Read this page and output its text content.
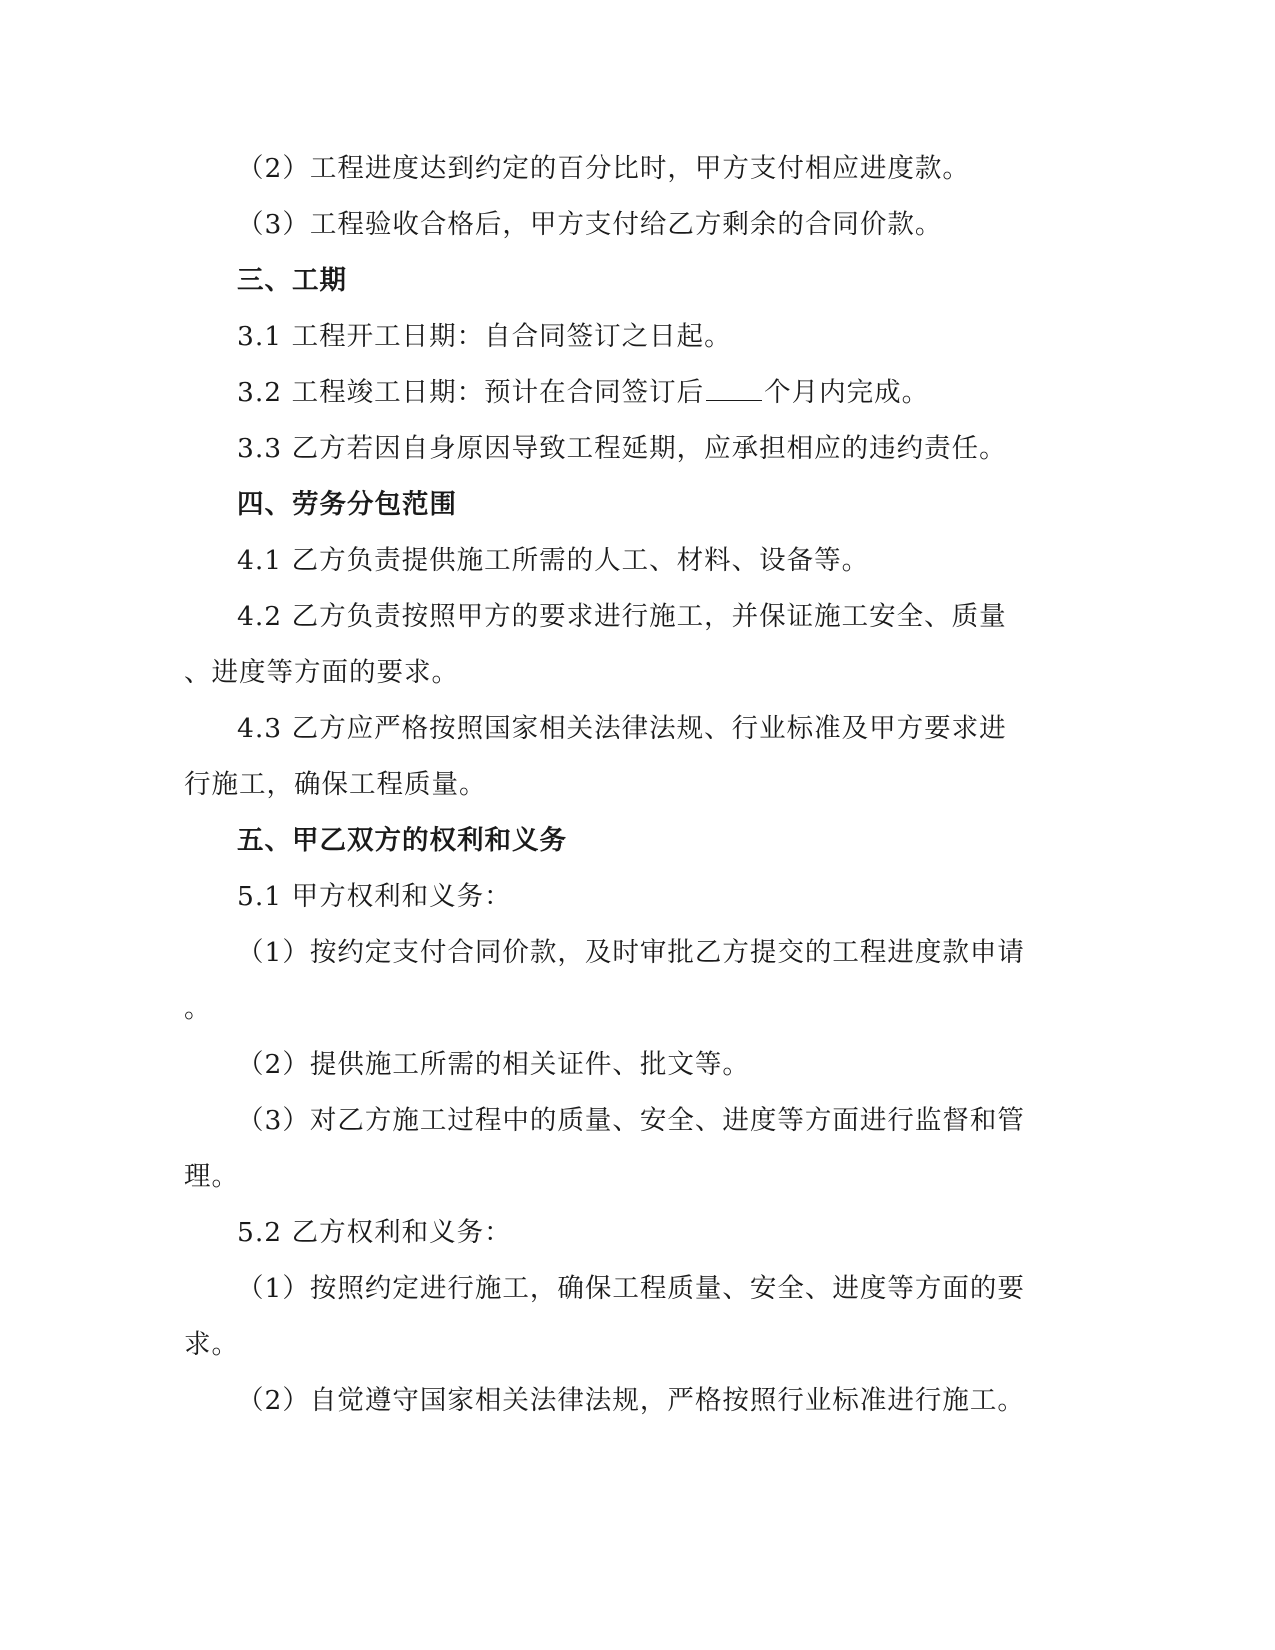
（2）工程进度达到约定的百分比时，甲方支付相应进度款。
（3）工程验收合格后，甲方支付给乙方剩余的合同价款。
三、工期
3.1 工程开工日期：自合同签订之日起。
3.2 工程竣工日期：预计在合同签订后 个月内完成。
3.3 乙方若因自身原因导致工程延期，应承担相应的违约责任。
四、劳务分包范围
4.1 乙方负责提供施工所需的人工、材料、设备等。
4.2 乙方负责按照甲方的要求进行施工，并保证施工安全、质量
、进度等方面的要求。
4.3 乙方应严格按照国家相关法律法规、行业标准及甲方要求进
行施工，确保工程质量。
五、甲乙双方的权利和义务
5.1 甲方权利和义务：
（1）按约定支付合同价款，及时审批乙方提交的工程进度款申请
。
（2）提供施工所需的相关证件、批文等。
（3）对乙方施工过程中的质量、安全、进度等方面进行监督和管
理。
5.2 乙方权利和义务：
（1）按照约定进行施工，确保工程质量、安全、进度等方面的要
求。
（2）自觉遵守国家相关法律法规，严格按照行业标准进行施工。
